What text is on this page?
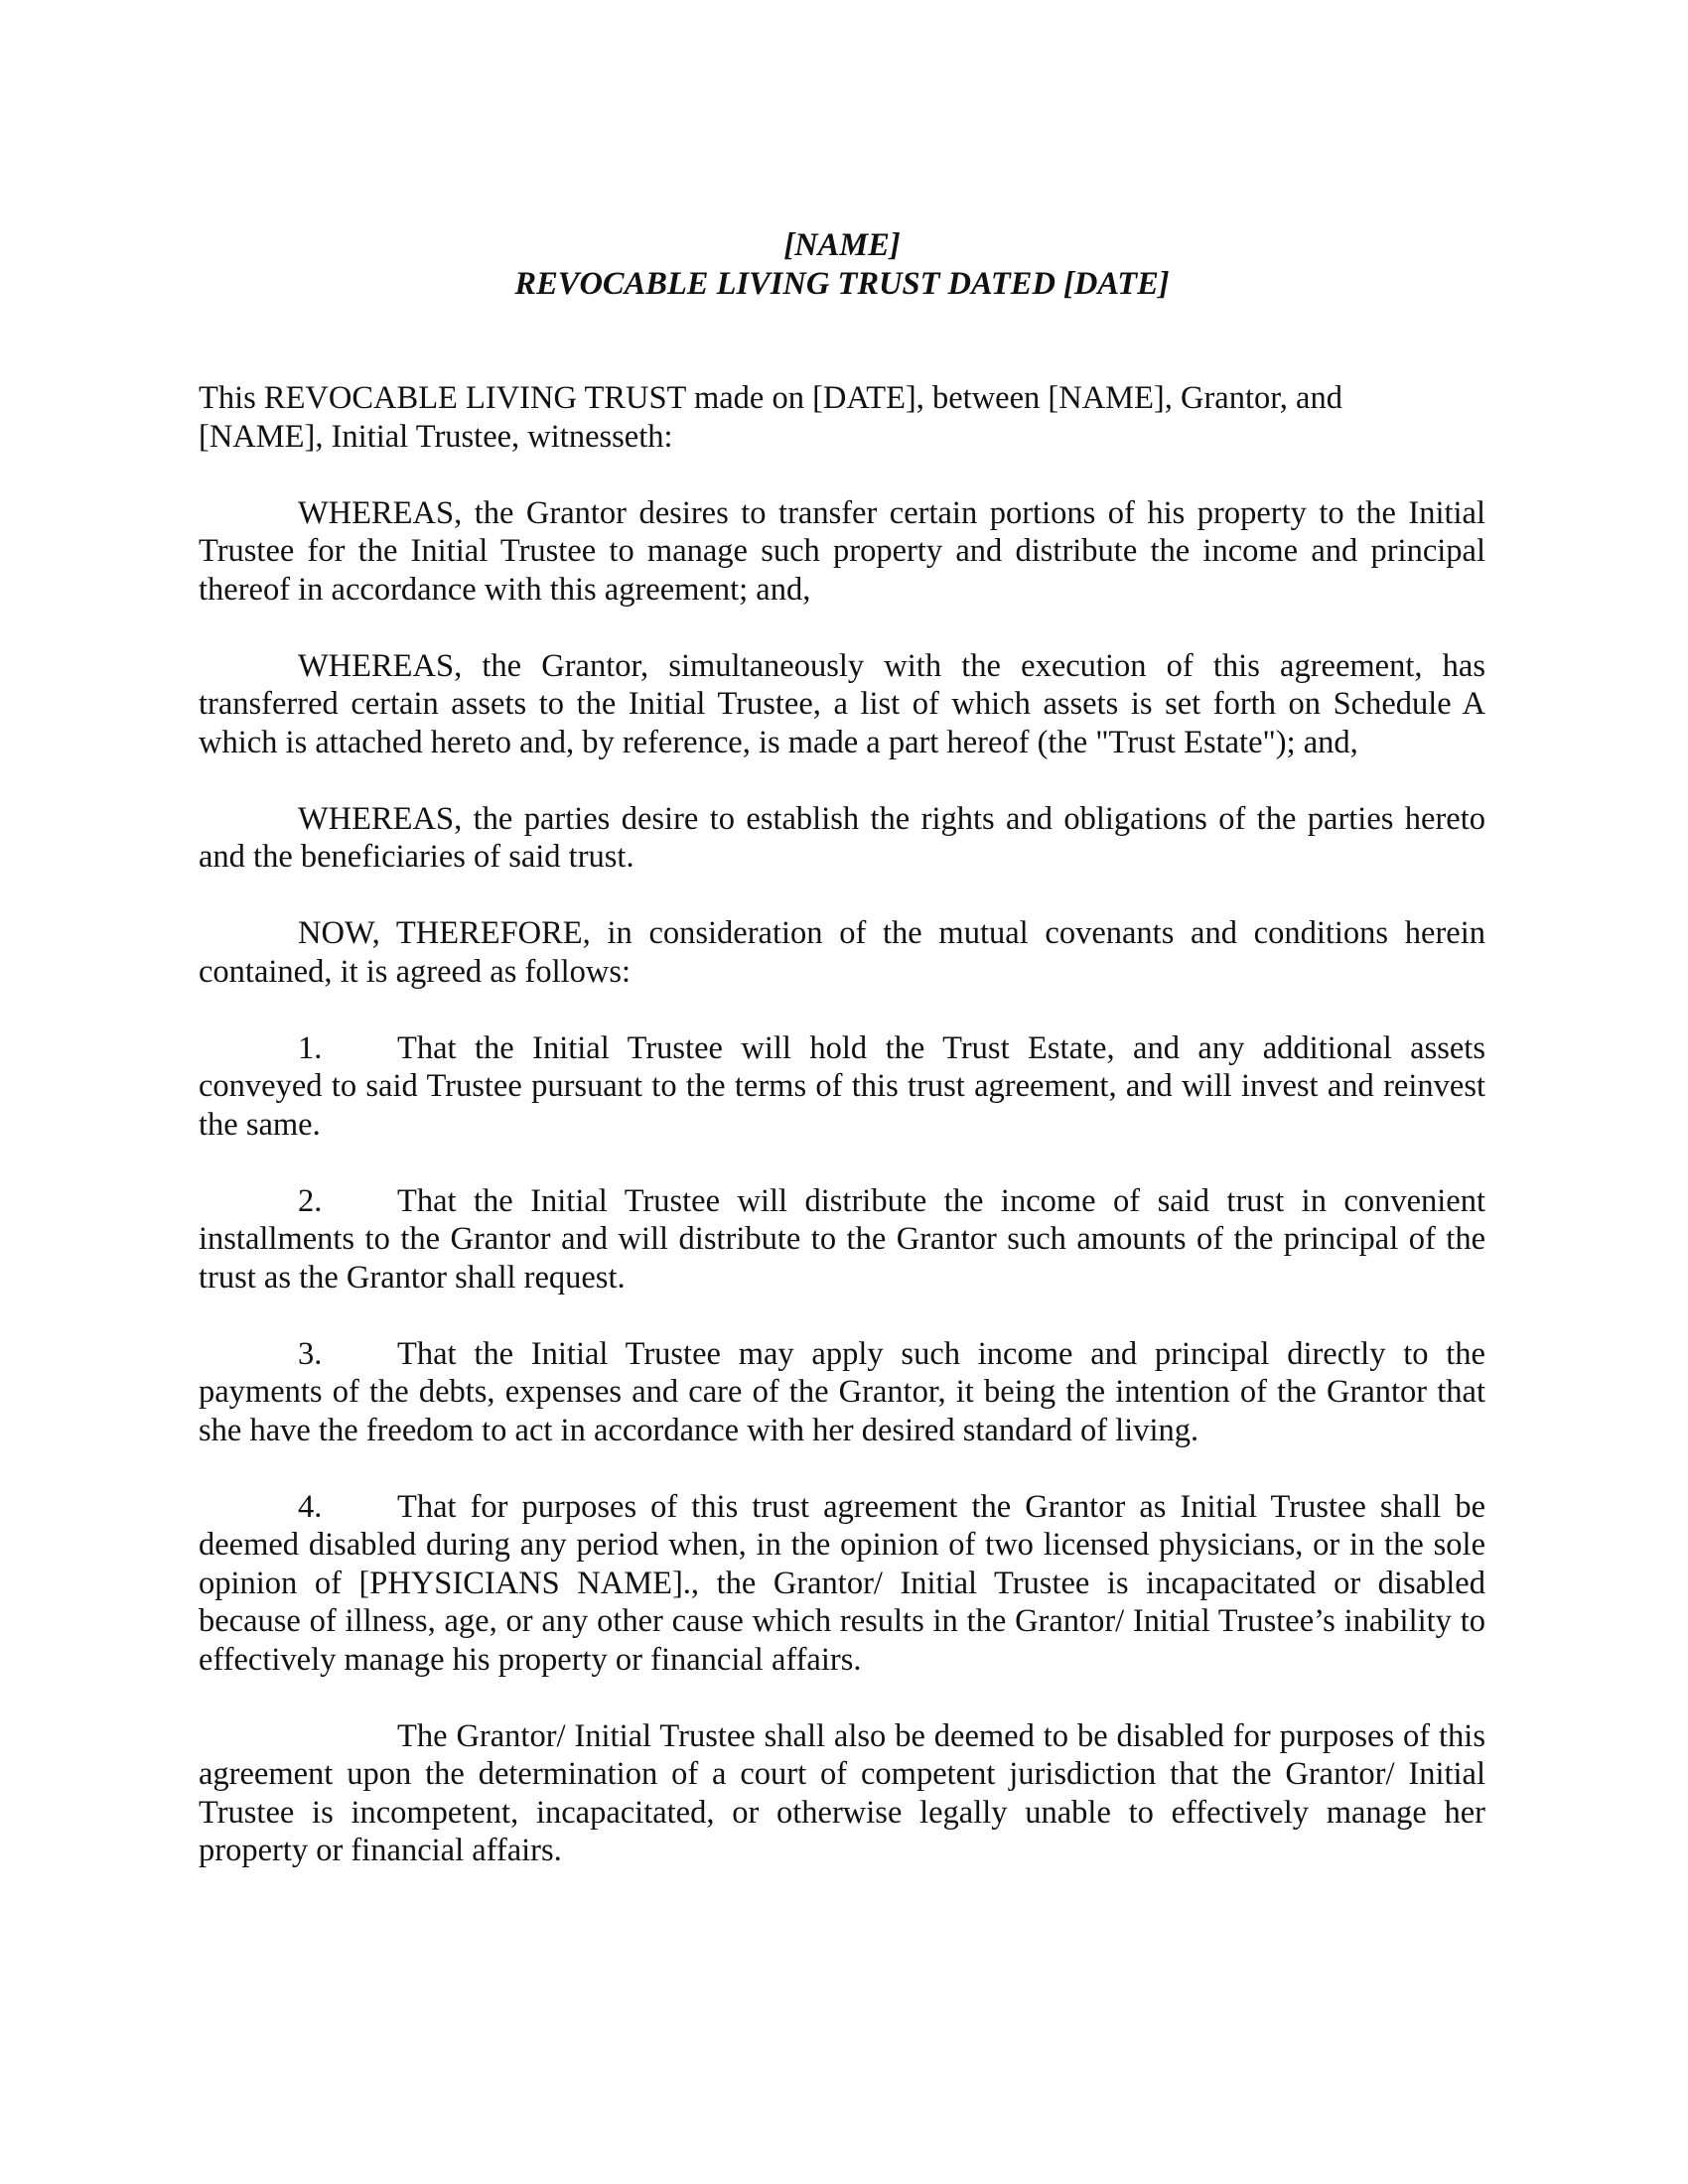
[NAME]

REVOCABLE LIVING TRUST DATED [DATE]

This REVOCABLE LIVING TRUST made on [DATE], between [NAME], Grantor, and
[NAME], Initial Trustee, witnesseth:

WHEREAS, the Grantor desires to transfer certain portions of his property to the Initial Trustee for the Initial Trustee to manage such property and distribute the income and principal thereof in accordance with this agreement; and,

WHEREAS, the Grantor, simultaneously with the execution of this agreement, has transferred certain assets to the Initial Trustee, a list of which assets is set forth on Schedule A which is attached hereto and, by reference, is made a part hereof (the "Trust Estate"); and,

WHEREAS, the parties desire to establish the rights and obligations of the parties hereto and the beneficiaries of said trust.

NOW, THEREFORE, in consideration of the mutual covenants and conditions herein contained, it is agreed as follows:

1. That the Initial Trustee will hold the Trust Estate, and any additional assets conveyed to said Trustee pursuant to the terms of this trust agreement, and will invest and reinvest the same.

2. That the Initial Trustee will distribute the income of said trust in convenient installments to the Grantor and will distribute to the Grantor such amounts of the principal of the trust as the Grantor shall request.

3. That the Initial Trustee may apply such income and principal directly to the payments of the debts, expenses and care of the Grantor, it being the intention of the Grantor that she have the freedom to act in accordance with her desired standard of living.

4. That for purposes of this trust agreement the Grantor as Initial Trustee shall be deemed disabled during any period when, in the opinion of two licensed physicians, or in the sole opinion of [PHYSICIANS NAME]., the Grantor/ Initial Trustee is incapacitated or disabled because of illness, age, or any other cause which results in the Grantor/ Initial Trustee’s inability to effectively manage his property or financial affairs.

The Grantor/ Initial Trustee shall also be deemed to be disabled for purposes of this agreement upon the determination of a court of competent jurisdiction that the Grantor/ Initial Trustee is incompetent, incapacitated, or otherwise legally unable to effectively manage her property or financial affairs.
